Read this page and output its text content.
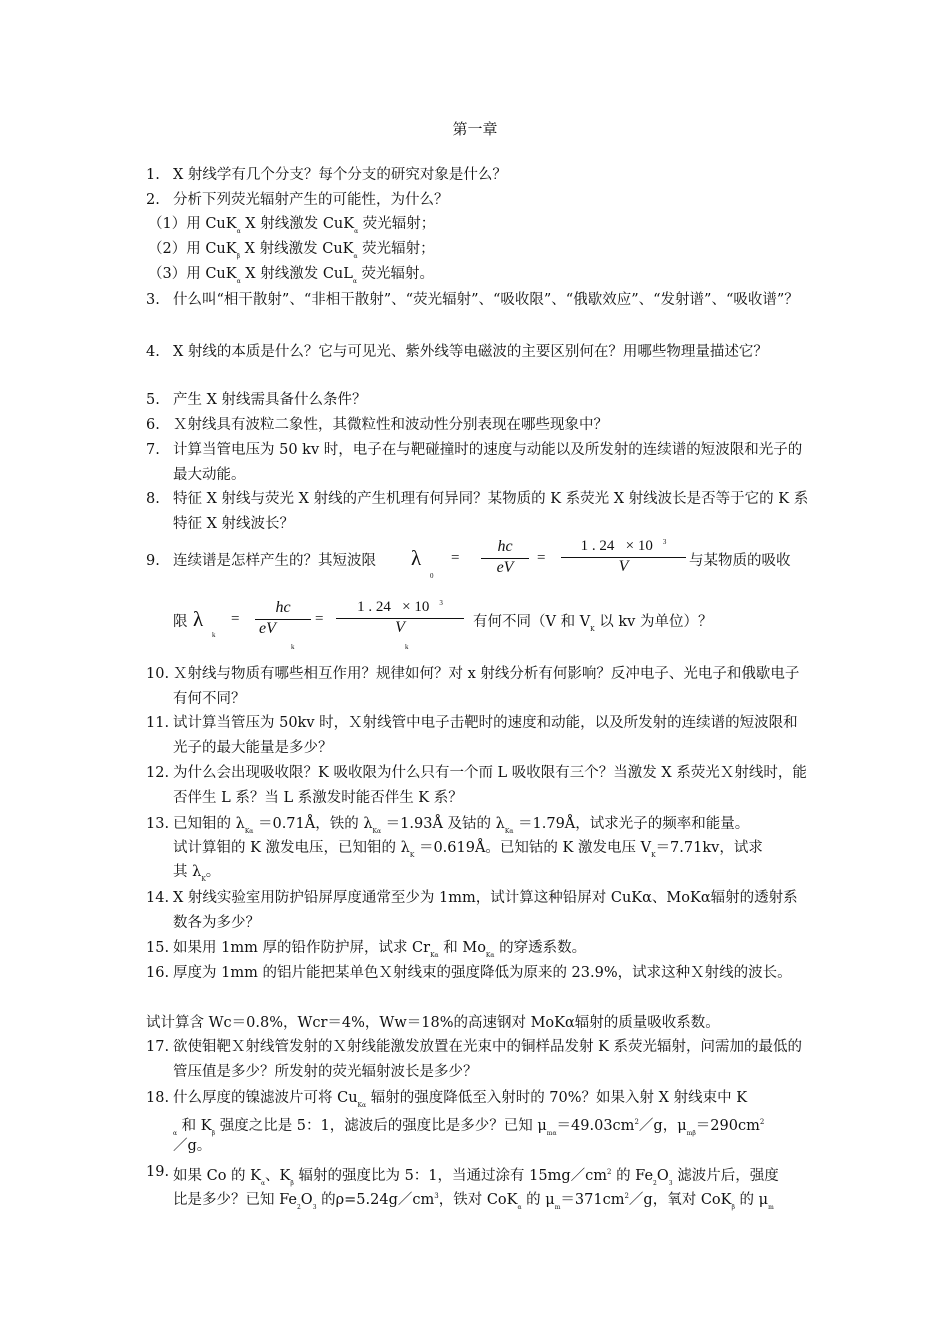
第一章
1. X 射线学有几个分支？每个分支的研究对象是什么？
2. 分析下列荧光辐射产生的可能性，为什么？
（1）用 CuK$_\alpha$ X 射线激发 CuK$_\alpha$ 荧光辐射；
（2）用 CuK$_\beta$ X 射线激发 CuK$_\alpha$ 荧光辐射；
（3）用 CuK$_\alpha$ X 射线激发 CuL$_\alpha$ 荧光辐射。
3. 什么叫“相干散射”、“非相干散射”、“荧光辐射”、“吸收限”、“俄歇效应”、“发射谱”、“吸收谱”？
4. X 射线的本质是什么？它与可见光、紫外线等电磁波的主要区别何在？用哪些物理量描述它？
5. 产生 X 射线需具备什么条件？
6. Ｘ射线具有波粒二象性，其微粒性和波动性分别表现在哪些现象中？
7. 计算当管电压为 50 kv 时，电子在与靶碰撞时的速度与动能以及所发射的连续谱的短波限和光子的最大动能。
8. 特征 X 射线与荧光 X 射线的产生机理有何异同？某物质的 K 系荧光 X 射线波长是否等于它的 K 系特征 X 射线波长？
9. 连续谱是怎样产生的？其短波限 λ
0
=
hc
eV
=
1 . 24 × 10 $^3$
V	与某物质的吸收
限 λ
k
=
hc
eV
k
=
1 . 24 × 10 $^3$
V
k
有何不同（V 和 $V_K$ 以 kv 为单位）？
10. Ｘ射线与物质有哪些相互作用？规律如何？对 x 射线分析有何影响？反冲电子、光电子和俄歇电子有何不同？
11. 试计算当管压为 50kv 时，Ｘ射线管中电子击靶时的速度和动能，以及所发射的连续谱的短波限和光子的最大能量是多少？
12. 为什么会出现吸收限？K 吸收限为什么只有一个而 L 吸收限有三个？当激发 X 系荧光Ｘ射线时，能否伴生 L 系？当 L 系激发时能否伴生 K 系？
13. 已知钼的 $\lambda_{K\alpha}$ ＝0.71Å，铁的 $\lambda_{K\alpha}$ ＝1.93Å 及钴的 $\lambda_{K\alpha}$ ＝1.79Å，试求光子的频率和能量。
试计算钼的 K 激发电压，已知钼的 $\lambda_K$ ＝0.619Å。已知钴的 K 激发电压 $V_K=7.71kv$，试求
其 $\lambda_K$。
14. X 射线实验室用防护铅屏厚度通常至少为 1mm，试计算这种铅屏对 CuKα、MoKα辐射的透射系数各为多少？
15. 如果用 1mm 厚的铅作防护屏，试求 $Cr_{K\alpha}$ 和 $Mo_{K\alpha}$ 的穿透系数。
16. 厚度为 1mm 的铝片能把某单色Ｘ射线束的强度降低为原来的 23.9%，试求这种Ｘ射线的波长。
试计算含 Wc＝0.8%，Wcr＝4%，Ww＝18%的高速钢对 MoKα辐射的质量吸收系数。
17. 欲使钼靶Ｘ射线管发射的Ｘ射线能激发放置在光束中的铜样品发射 K 系荧光辐射，问需加的最低的管压值是多少？所发射的荧光辐射波长是多少？
18. 什么厚度的镍滤波片可将 $Cu_{K\alpha}$ 辐射的强度降低至入射时的 70%？如果入射 X 射线束中 K
$_\alpha$ 和 $K_\beta$ 强度之比是 5：1，滤波后的强度比是多少？已知 $\mu_{m\alpha}=49.03cm^2/g$，$\mu_{m\beta}=290cm^2$
／g。
19. 如果 Co 的 $K_\alpha$、$K_\beta$ 辐射的强度比为 5：1，当通过涂有 $15mg/cm^2$ 的 $Fe_2O_3$ 滤波片后，强度
比是多少？已知 $Fe_2O_3$ 的$\rho=5.24g/cm^3$，铁对 CoK$_\alpha$ 的 $\mu_m=371cm^2/g$，氧对 CoK$_\beta$ 的 $\mu_m$
